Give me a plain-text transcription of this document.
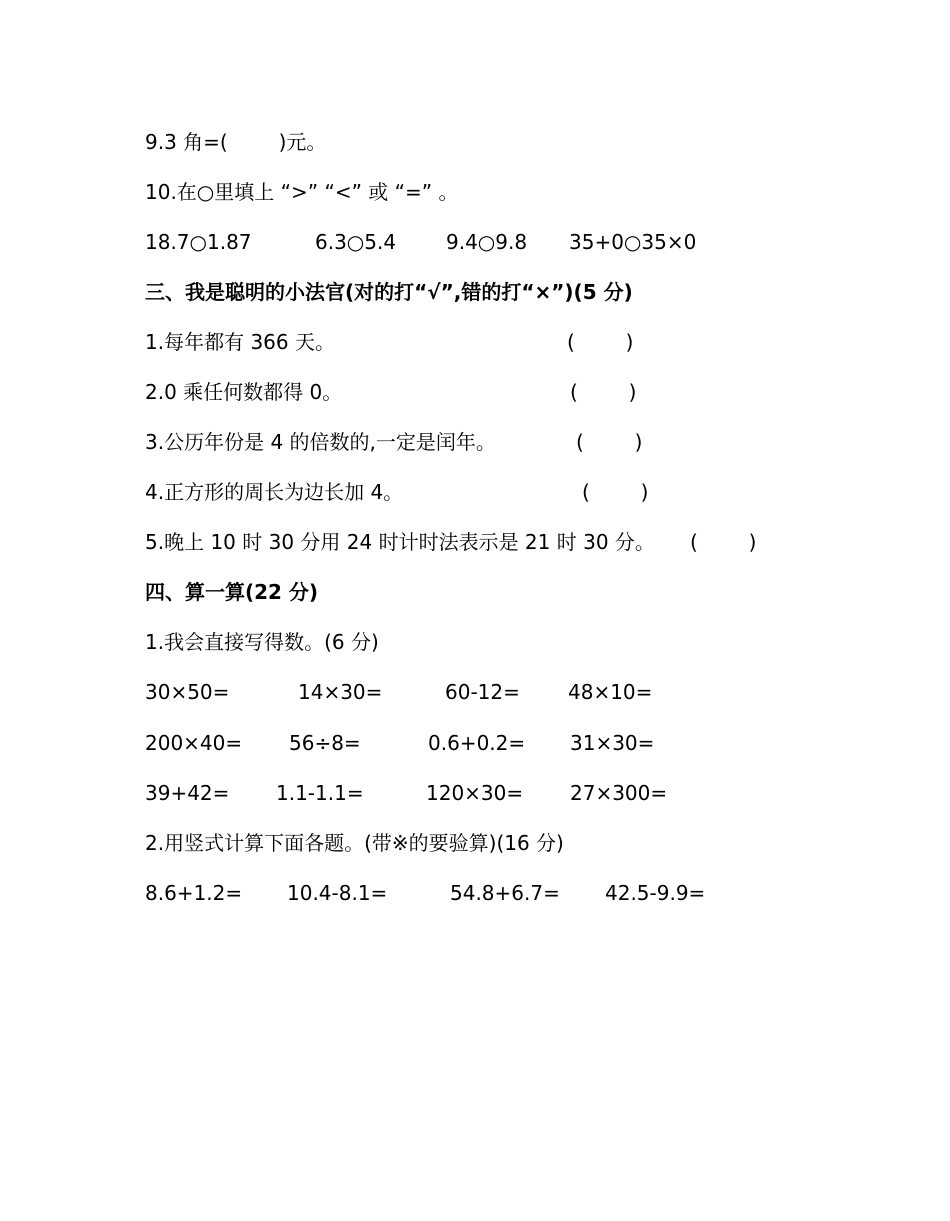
9.3 角=(        )元。
10.在○里填上 “>” “<” 或 “=” 。
18.7○1.87	6.3○5.4 9.4○9.8 35+0○35×0
三、我是聪明的小法官(对的打“√”,错的打“×”)(5 分)
1.每年都有 366 天。	(        )
2.0 乘任何数都得 0。	(        )
3.公历年份是 4 的倍数的,一定是闰年。	(        )
4.正方形的周长为边长加 4。	(        )
5.晚上 10 时 30 分用 24 时计时法表示是 21 时 30 分。 (        )
四、算一算(22 分)
1.我会直接写得数。(6 分)
30×50=	14×30=	60-12= 48×10=
200×40= 56÷8=	0.6+0.2= 31×30=
39+42= 1.1-1.1=	120×30= 27×300=
2.用竖式计算下面各题。(带※的要验算)(16 分)
8.6+1.2= 10.4-8.1=	54.8+6.7= 42.5-9.9=
